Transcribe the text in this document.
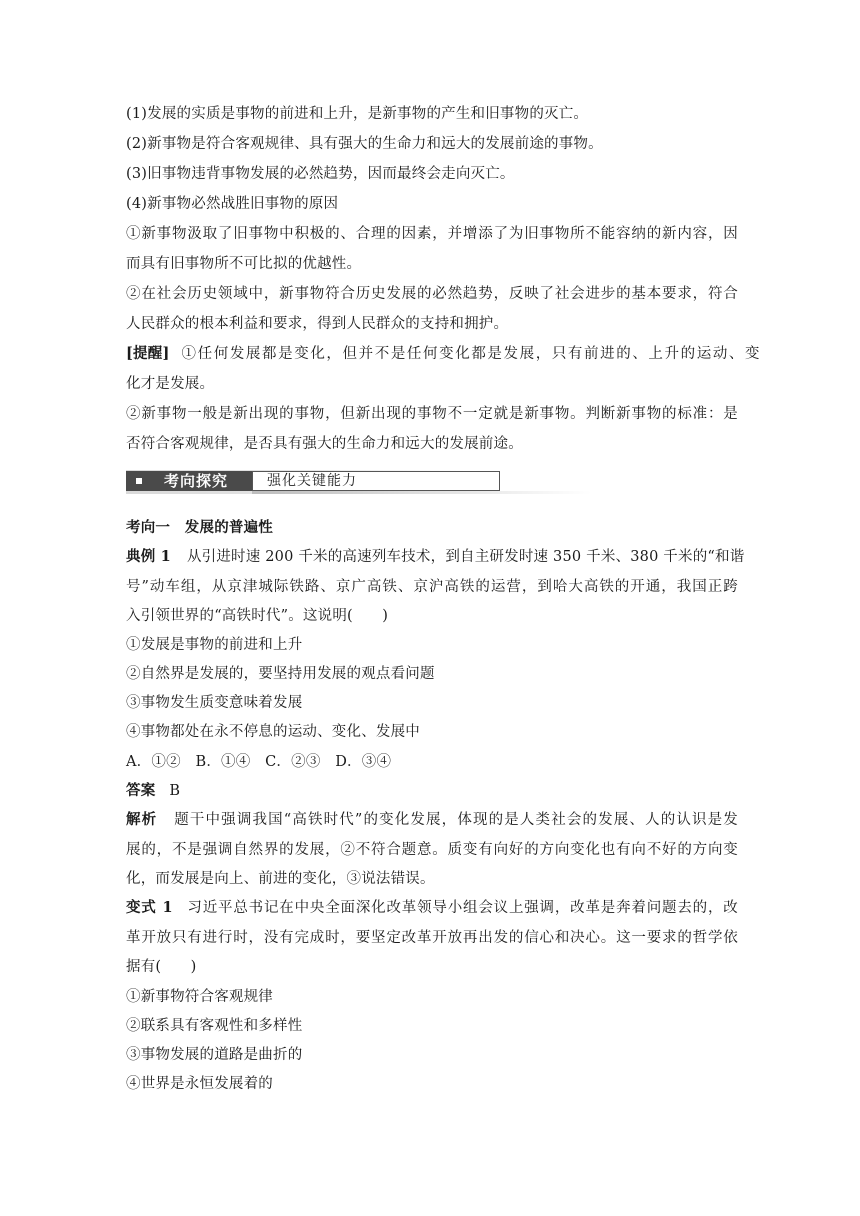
(1)发展的实质是事物的前进和上升，是新事物的产生和旧事物的灭亡。
(2)新事物是符合客观规律、具有强大的生命力和远大的发展前途的事物。
(3)旧事物违背事物发展的必然趋势，因而最终会走向灭亡。
(4)新事物必然战胜旧事物的原因
①新事物汲取了旧事物中积极的、合理的因素，并增添了为旧事物所不能容纳的新内容，因
而具有旧事物所不可比拟的优越性。
②在社会历史领域中，新事物符合历史发展的必然趋势，反映了社会进步的基本要求，符合
人民群众的根本利益和要求，得到人民群众的支持和拥护。
[提醒] ①任何发展都是变化，但并不是任何变化都是发展，只有前进的、上升的运动、变
化才是发展。
②新事物一般是新出现的事物，但新出现的事物不一定就是新事物。判断新事物的标准：是
否符合客观规律，是否具有强大的生命力和远大的发展前途。
考向探究	强化关键能力
考向一　发展的普遍性
典例 1 从引进时速 200 千米的高速列车技术，到自主研发时速 350 千米、380 千米的“和谐
号”动车组，从京津城际铁路、京广高铁、京沪高铁的运营，到哈大高铁的开通，我国正跨
入引领世界的“高铁时代”。这说明(　　)
①发展是事物的前进和上升
②自然界是发展的，要坚持用发展的观点看问题
③事物发生质变意味着发展
④事物都处在永不停息的运动、变化、发展中
A．①②　B．①④　C．②③　D．③④
答案 B
解析 题干中强调我国“高铁时代”的变化发展，体现的是人类社会的发展、人的认识是发
展的，不是强调自然界的发展，②不符合题意。质变有向好的方向变化也有向不好的方向变
化，而发展是向上、前进的变化，③说法错误。
变式 1 习近平总书记在中央全面深化改革领导小组会议上强调，改革是奔着问题去的，改
革开放只有进行时，没有完成时，要坚定改革开放再出发的信心和决心。这一要求的哲学依
据有(　　)
①新事物符合客观规律
②联系具有客观性和多样性
③事物发展的道路是曲折的
④世界是永恒发展着的
